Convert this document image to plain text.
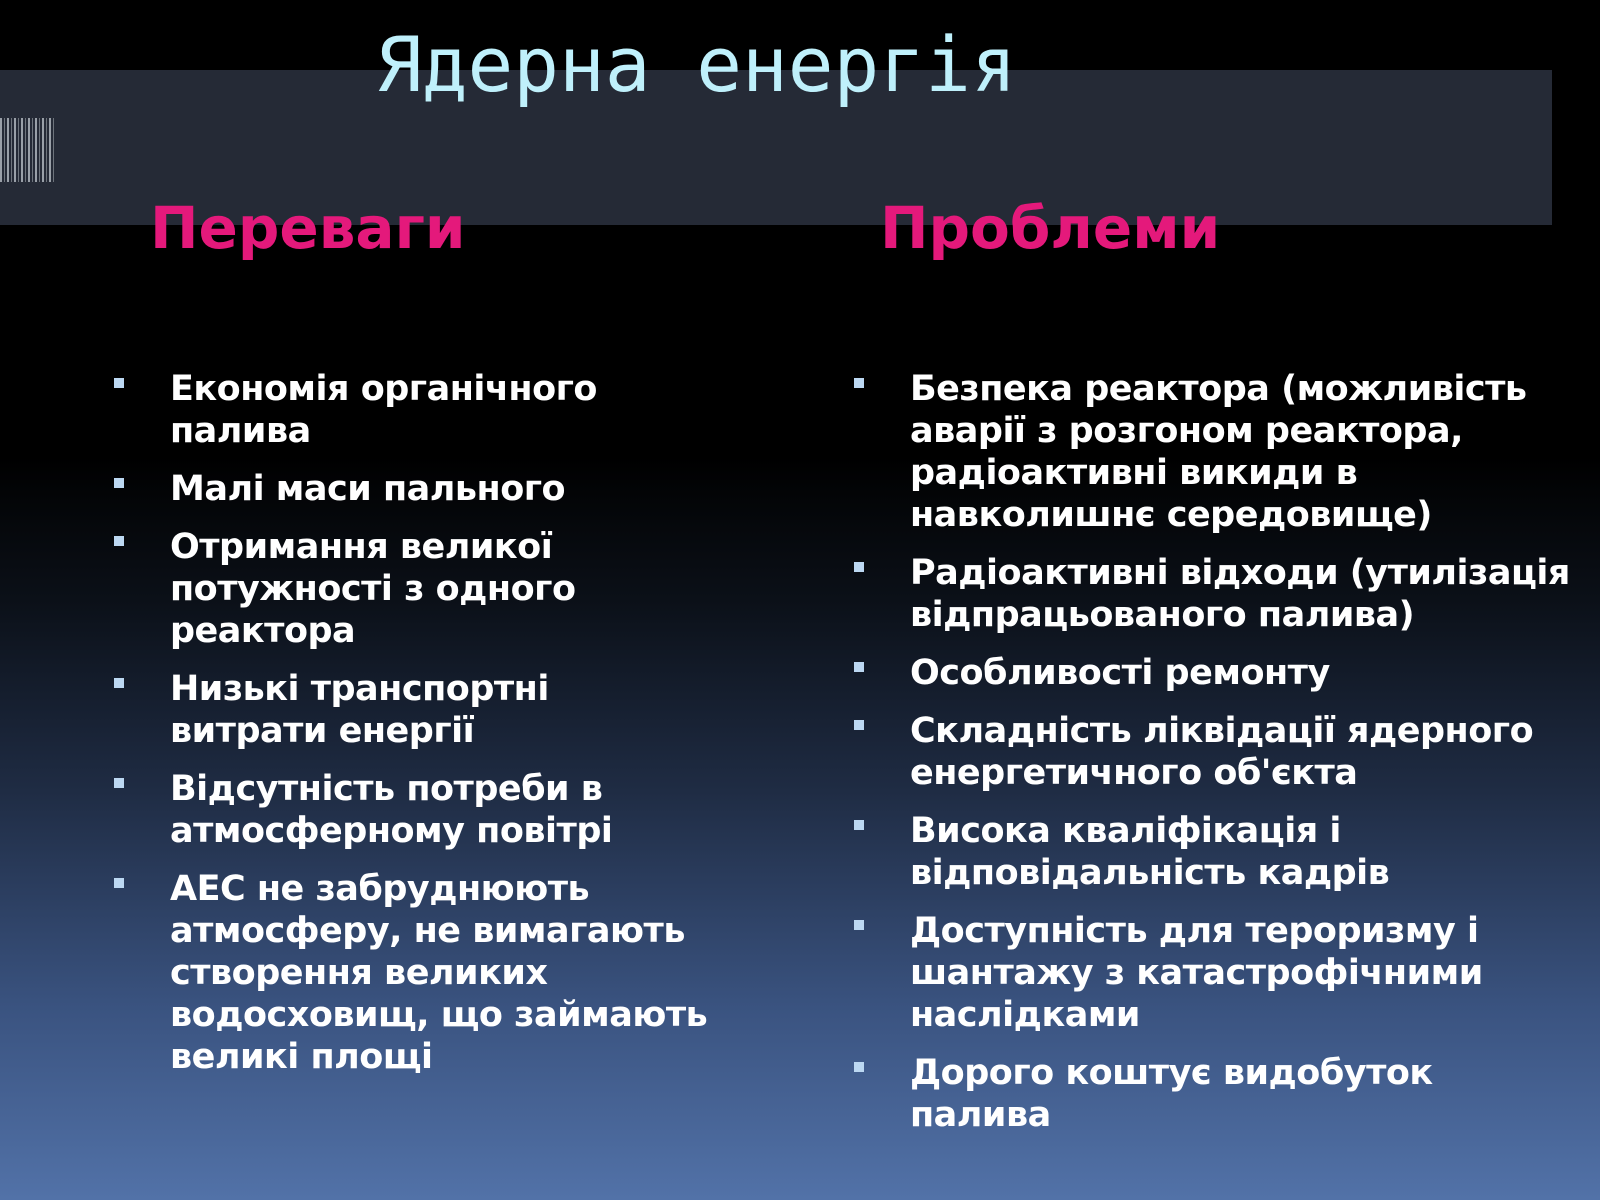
Ядерна енергія
Переваги	Проблеми
Економія органічного палива
Малі маси пального
Отримання великої потужності з одного реактора
Низькі транспортні витрати енергії
Відсутність потреби в атмосферному повітрі
АЕС не забруднюють атмосферу, не вимагають створення великих водосховищ, що займають великі площі
Безпека реактора (можливість аварії з розгоном реактора, радіоактивні викиди в навколишнє середовище)
Радіоактивні відходи (утилізація відпрацьованого палива)
Особливості ремонту
Складність ліквідації ядерного енергетичного об'єкта
Висока кваліфікація і відповідальність кадрів
Доступність для тероризму і шантажу з катастрофічними наслідками
Дорого коштує видобуток палива
